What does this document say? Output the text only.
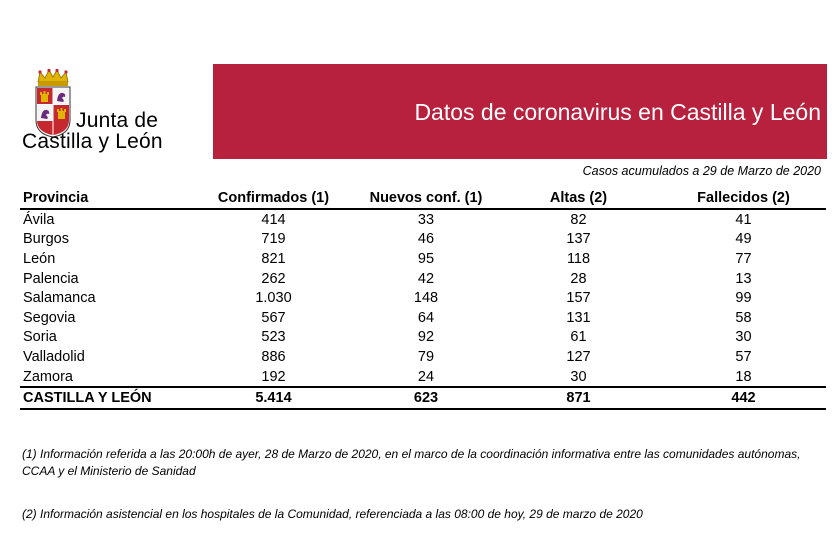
Junta de
Castilla y León
Datos de coronavirus en Castilla y León
Casos acumulados a 29 de Marzo de 2020
Provincia	Confirmados (1)	Nuevos conf. (1)	Altas (2)	Fallecidos (2)
Ávila	414	33	82	41
Burgos	719	46	137	49
León	821	95	118	77
Palencia	262	42	28	13
Salamanca	1.030	148	157	99
Segovia	567	64	131	58
Soria	523	92	61	30
Valladolid	886	79	127	57
Zamora	192	24	30	18
CASTILLA Y LEÓN	5.414	623	871	442
(1) Información referida a las 20:00h de ayer, 28 de Marzo de 2020, en el marco de la coordinación informativa entre las comunidades autónomas, CCAA y el Ministerio de Sanidad
(2) Información asistencial en los hospitales de la Comunidad, referenciada a las 08:00 de hoy, 29 de marzo de 2020
